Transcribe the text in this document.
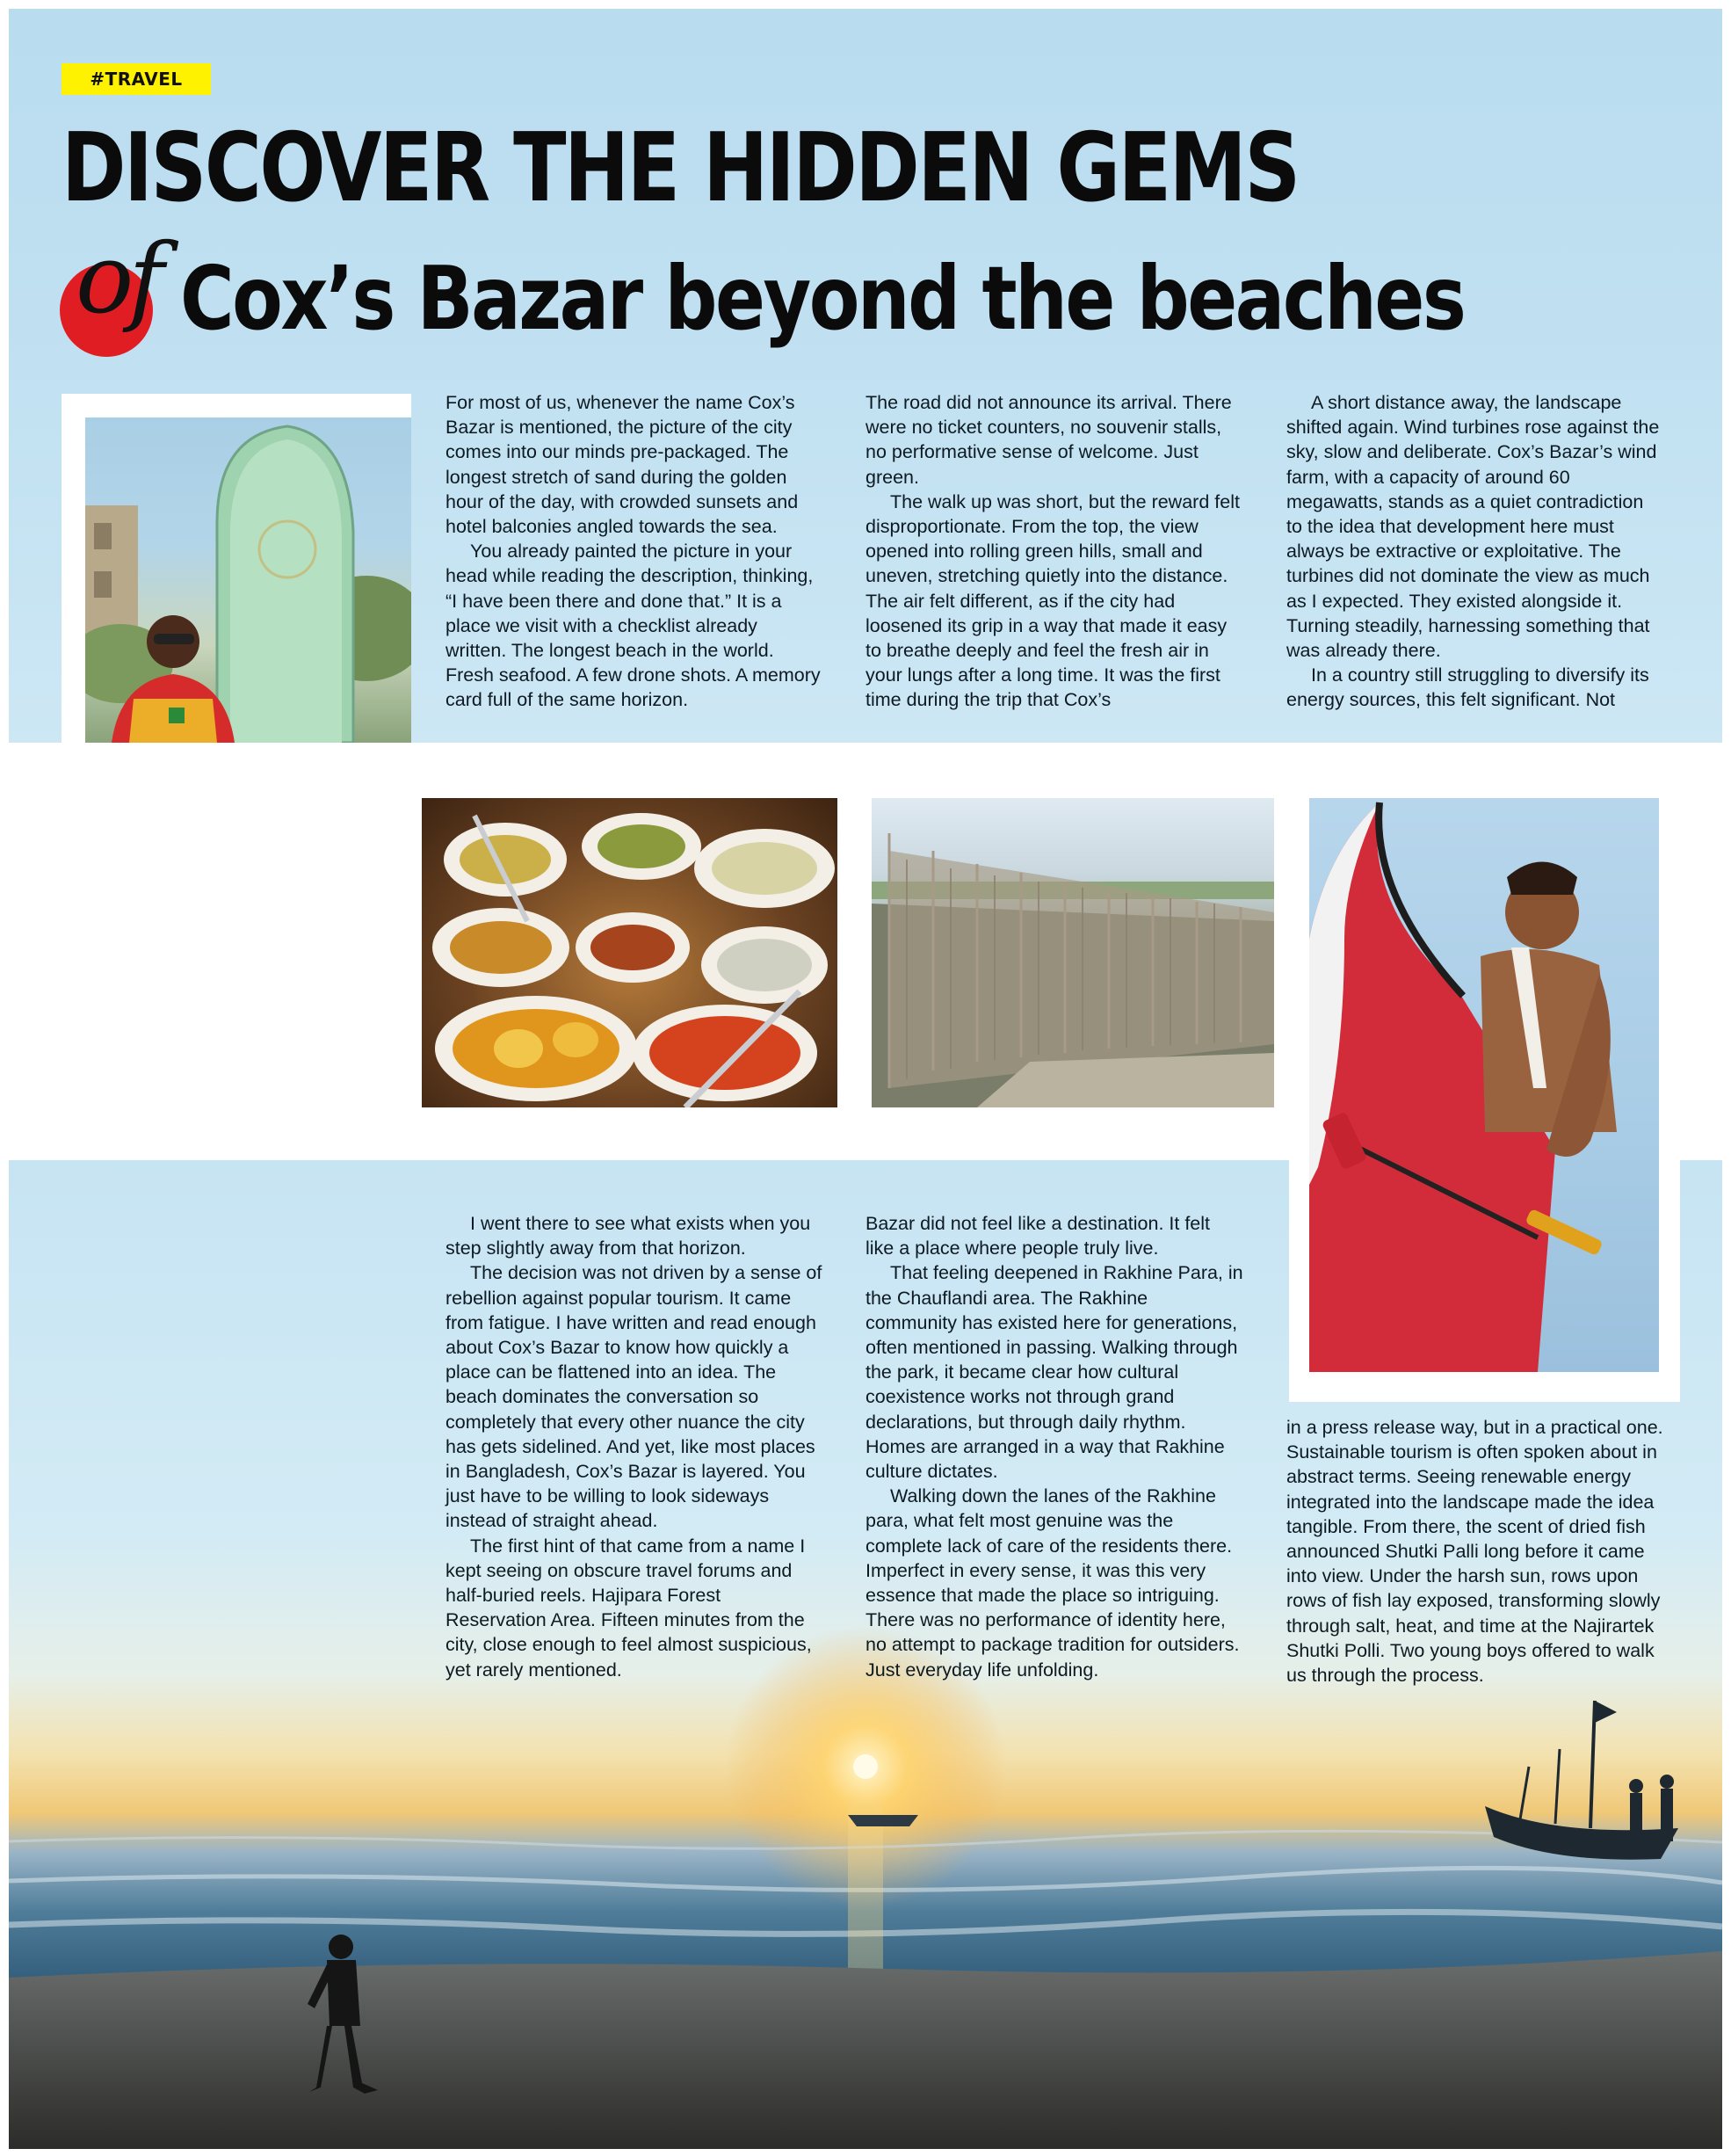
#TRAVEL
DISCOVER THE HIDDEN GEMS
of Cox’s Bazar beyond the beaches

For most of us, whenever the name Cox’s Bazar is mentioned, the picture of the city comes into our minds pre-packaged. The longest stretch of sand during the golden hour of the day, with crowded sunsets and hotel balconies angled towards the sea.

You already painted the picture in your head while reading the description, thinking, “I have been there and done that.” It is a place we visit with a checklist already written. The longest beach in the world. Fresh seafood. A few drone shots. A memory card full of the same horizon.

The road did not announce its arrival. There were no ticket counters, no souvenir stalls, no performative sense of welcome. Just green.

The walk up was short, but the reward felt disproportionate. From the top, the view opened into rolling green hills, small and uneven, stretching quietly into the distance. The air felt different, as if the city had loosened its grip in a way that made it easy to breathe deeply and feel the fresh air in your lungs after a long time. It was the first time during the trip that Cox’s

A short distance away, the landscape shifted again. Wind turbines rose against the sky, slow and deliberate. Cox’s Bazar’s wind farm, with a capacity of around 60 megawatts, stands as a quiet contradiction to the idea that development here must always be extractive or exploitative. The turbines did not dominate the view as much as I expected. They existed alongside it. Turning steadily, harnessing something that was already there.

In a country still struggling to diversify its energy sources, this felt significant. Not

I went there to see what exists when you step slightly away from that horizon.

The decision was not driven by a sense of rebellion against popular tourism. It came from fatigue. I have written and read enough about Cox’s Bazar to know how quickly a place can be flattened into an idea. The beach dominates the conversation so completely that every other nuance the city has gets sidelined. And yet, like most places in Bangladesh, Cox’s Bazar is layered. You just have to be willing to look sideways instead of straight ahead.

The first hint of that came from a name I kept seeing on obscure travel forums and half-buried reels. Hajipara Forest Reservation Area. Fifteen minutes from the city, close enough to feel almost suspicious, yet rarely mentioned.

Bazar did not feel like a destination. It felt like a place where people truly live.

That feeling deepened in Rakhine Para, in the Chauflandi area. The Rakhine community has existed here for generations, often mentioned in passing. Walking through the park, it became clear how cultural coexistence works not through grand declarations, but through daily rhythm. Homes are arranged in a way that Rakhine culture dictates.

Walking down the lanes of the Rakhine para, what felt most genuine was the complete lack of care of the residents there. Imperfect in every sense, it was this very essence that made the place so intriguing. There was no performance of identity here, no attempt to package tradition for outsiders. Just everyday life unfolding.

in a press release way, but in a practical one. Sustainable tourism is often spoken about in abstract terms. Seeing renewable energy integrated into the landscape made the idea tangible. From there, the scent of dried fish announced Shutki Palli long before it came into view. Under the harsh sun, rows upon rows of fish lay exposed, transforming slowly through salt, heat, and time at the Najirartek Shutki Polli. Two young boys offered to walk us through the process.
